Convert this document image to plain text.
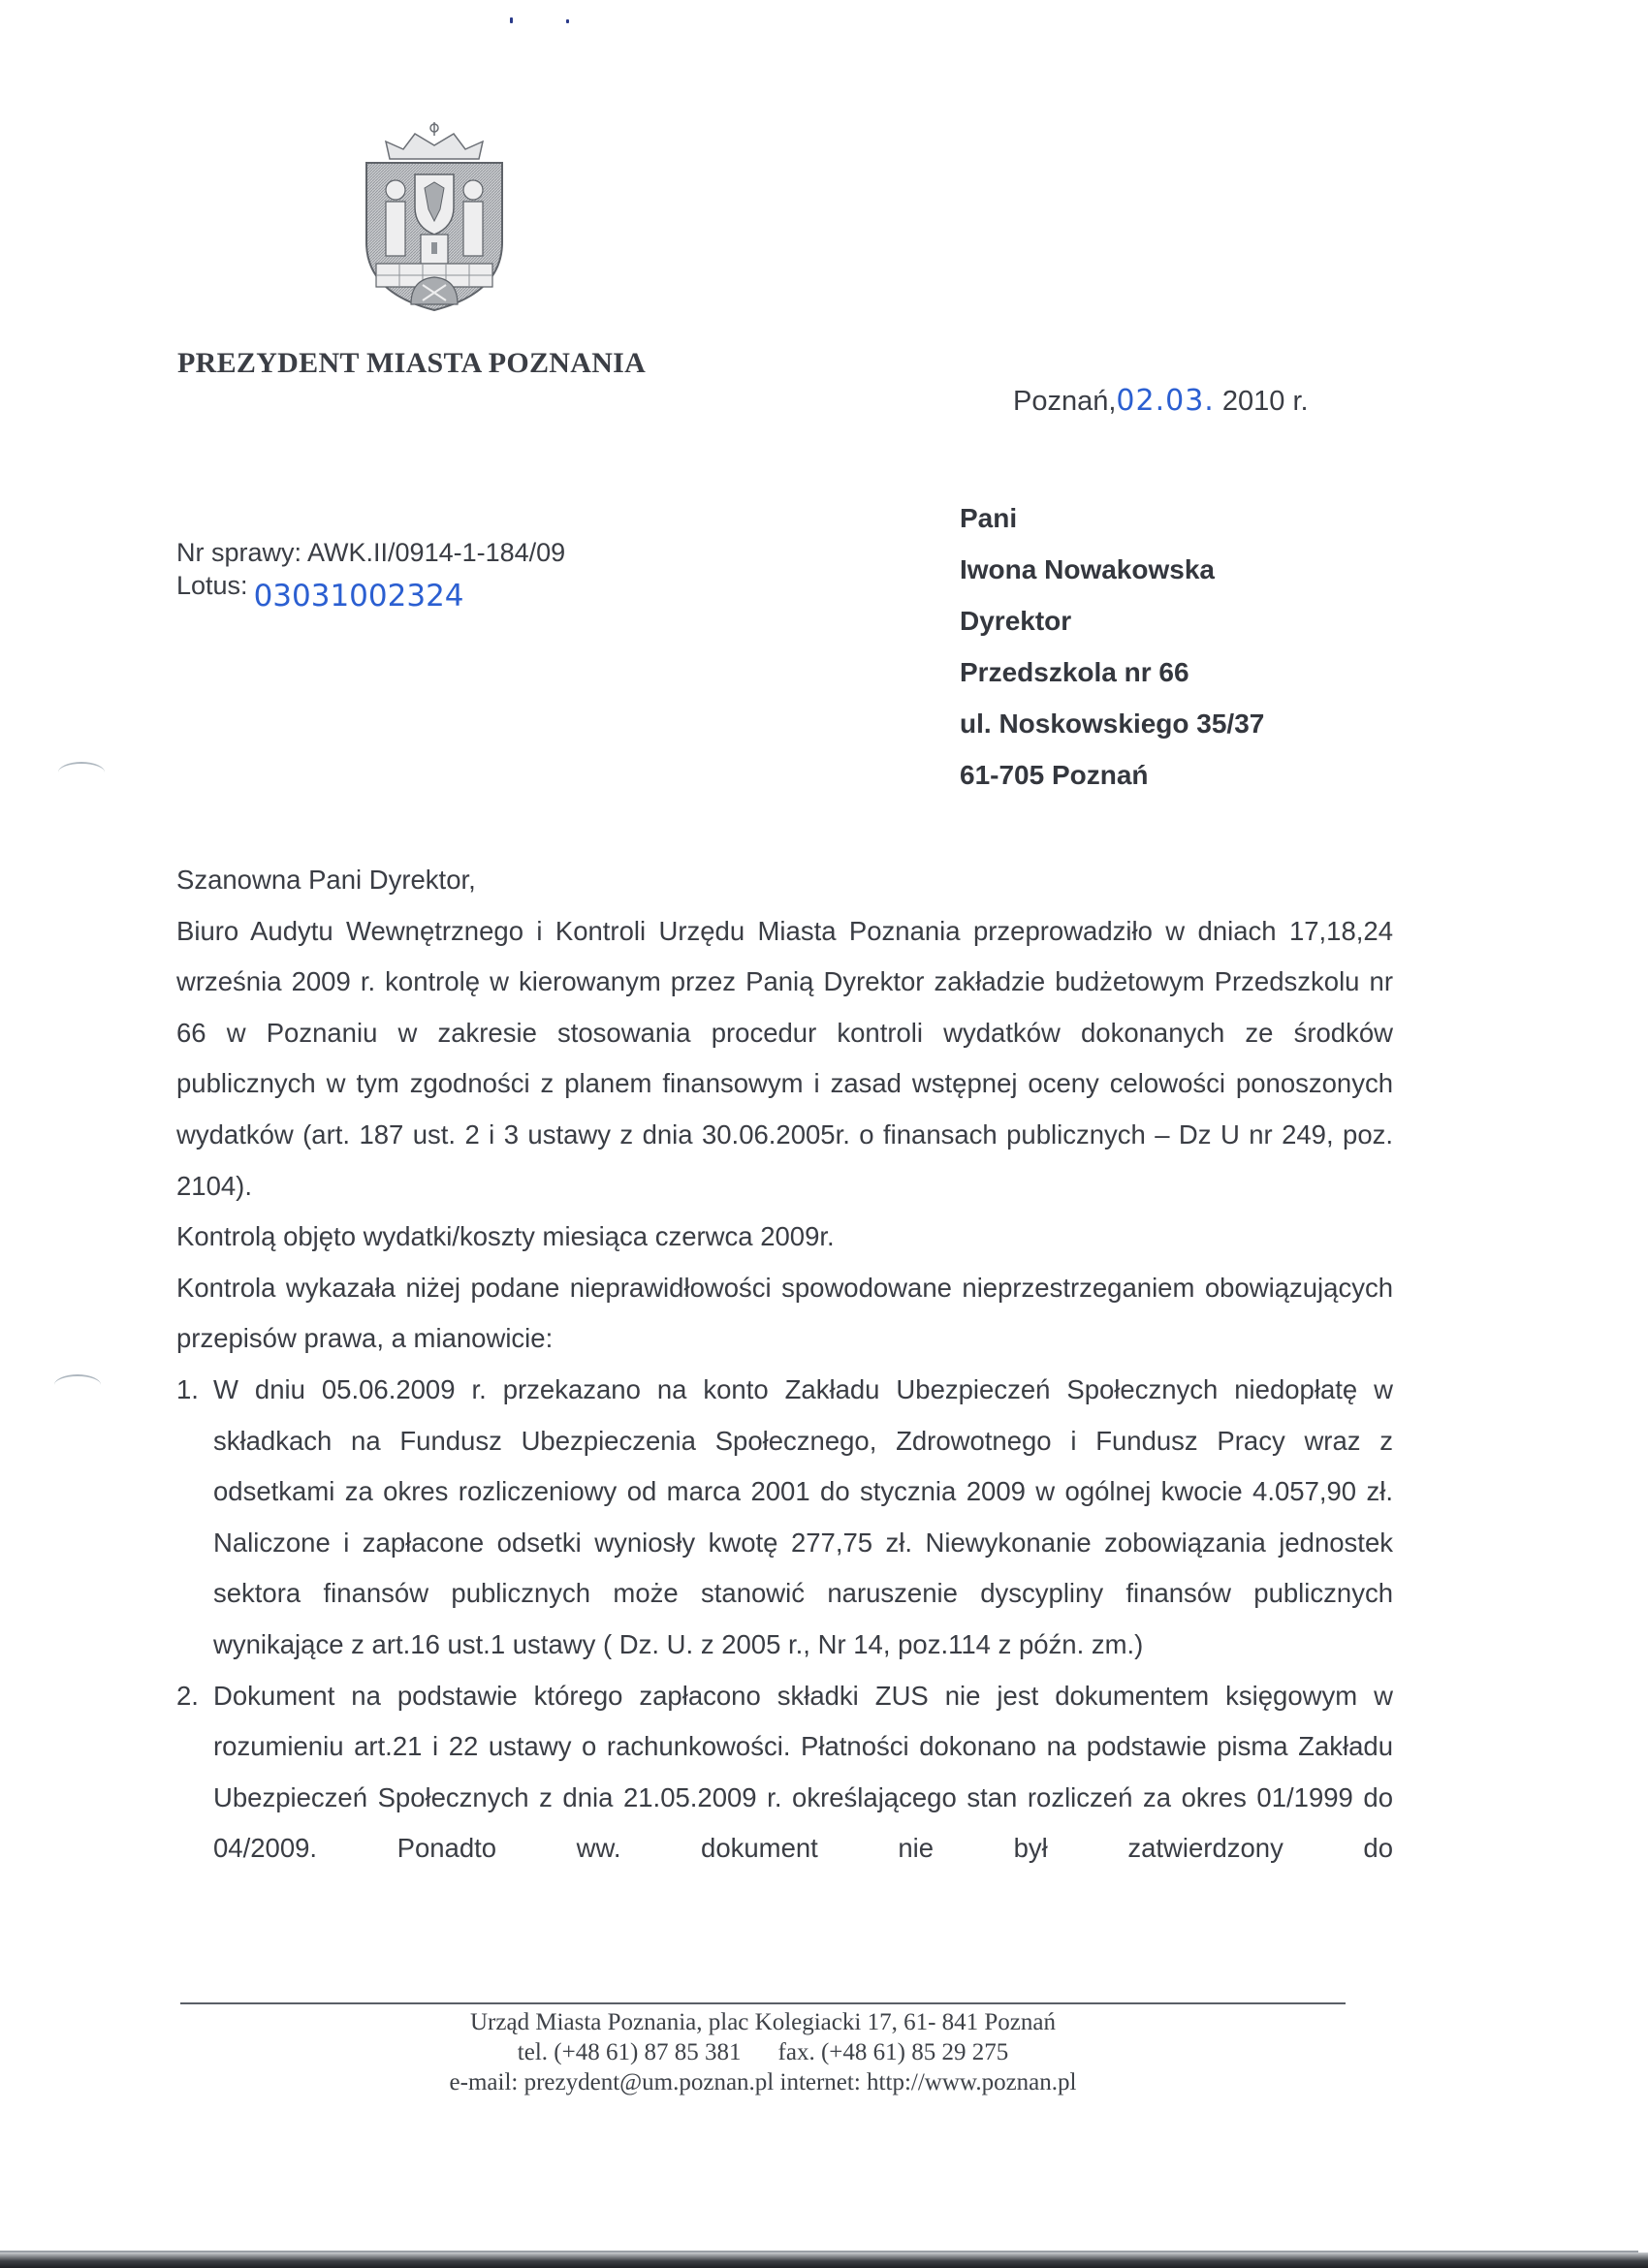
PREZYDENT MIASTA POZNANIA
Poznań,02.03. 2010 r.
Nr sprawy: AWK.II/0914-1-184/09
Lotus: 03031002324
Pani
Iwona Nowakowska
Dyrektor
Przedszkola nr 66
ul. Noskowskiego 35/37
61-705 Poznań

Szanowna Pani Dyrektor,

Biuro Audytu Wewnętrznego i Kontroli Urzędu Miasta Poznania przeprowadziło w dniach 17,18,24 września 2009 r. kontrolę w kierowanym przez Panią Dyrektor zakładzie budżetowym Przedszkolu nr 66 w Poznaniu w zakresie stosowania procedur kontroli wydatków dokonanych ze środków publicznych w tym zgodności z planem finansowym i zasad wstępnej oceny celowości ponoszonych wydatków (art. 187 ust. 2 i 3 ustawy z dnia 30.06.2005r. o finansach publicznych – Dz U nr 249, poz. 2104).

Kontrolą objęto wydatki/koszty miesiąca czerwca 2009r.

Kontrola wykazała niżej podane nieprawidłowości spowodowane nieprzestrzeganiem obowiązujących przepisów prawa, a mianowicie:

1. W dniu 05.06.2009 r. przekazano na konto Zakładu Ubezpieczeń Społecznych niedopłatę w składkach na Fundusz Ubezpieczenia Społecznego, Zdrowotnego i Fundusz Pracy wraz z odsetkami za okres rozliczeniowy od marca 2001 do stycznia 2009 w ogólnej kwocie 4.057,90 zł. Naliczone i zapłacone odsetki wyniosły kwotę 277,75 zł. Niewykonanie zobowiązania jednostek sektora finansów publicznych może stanowić naruszenie dyscypliny finansów publicznych wynikające z art.16 ust.1 ustawy ( Dz. U. z 2005 r., Nr 14, poz.114 z późn. zm.)
2. Dokument na podstawie którego zapłacono składki ZUS nie jest dokumentem księgowym w rozumieniu art.21 i 22 ustawy o rachunkowości. Płatności dokonano na podstawie pisma Zakładu Ubezpieczeń Społecznych z dnia 21.05.2009 r. określającego stan rozliczeń za okres 01/1999 do 04/2009. Ponadto ww. dokument nie był zatwierdzony do
Urząd Miasta Poznania, plac Kolegiacki 17, 61- 841 Poznań
tel. (+48 61) 87 85 381 fax. (+48 61) 85 29 275
e-mail: prezydent@um.poznan.pl internet: http://www.poznan.pl
